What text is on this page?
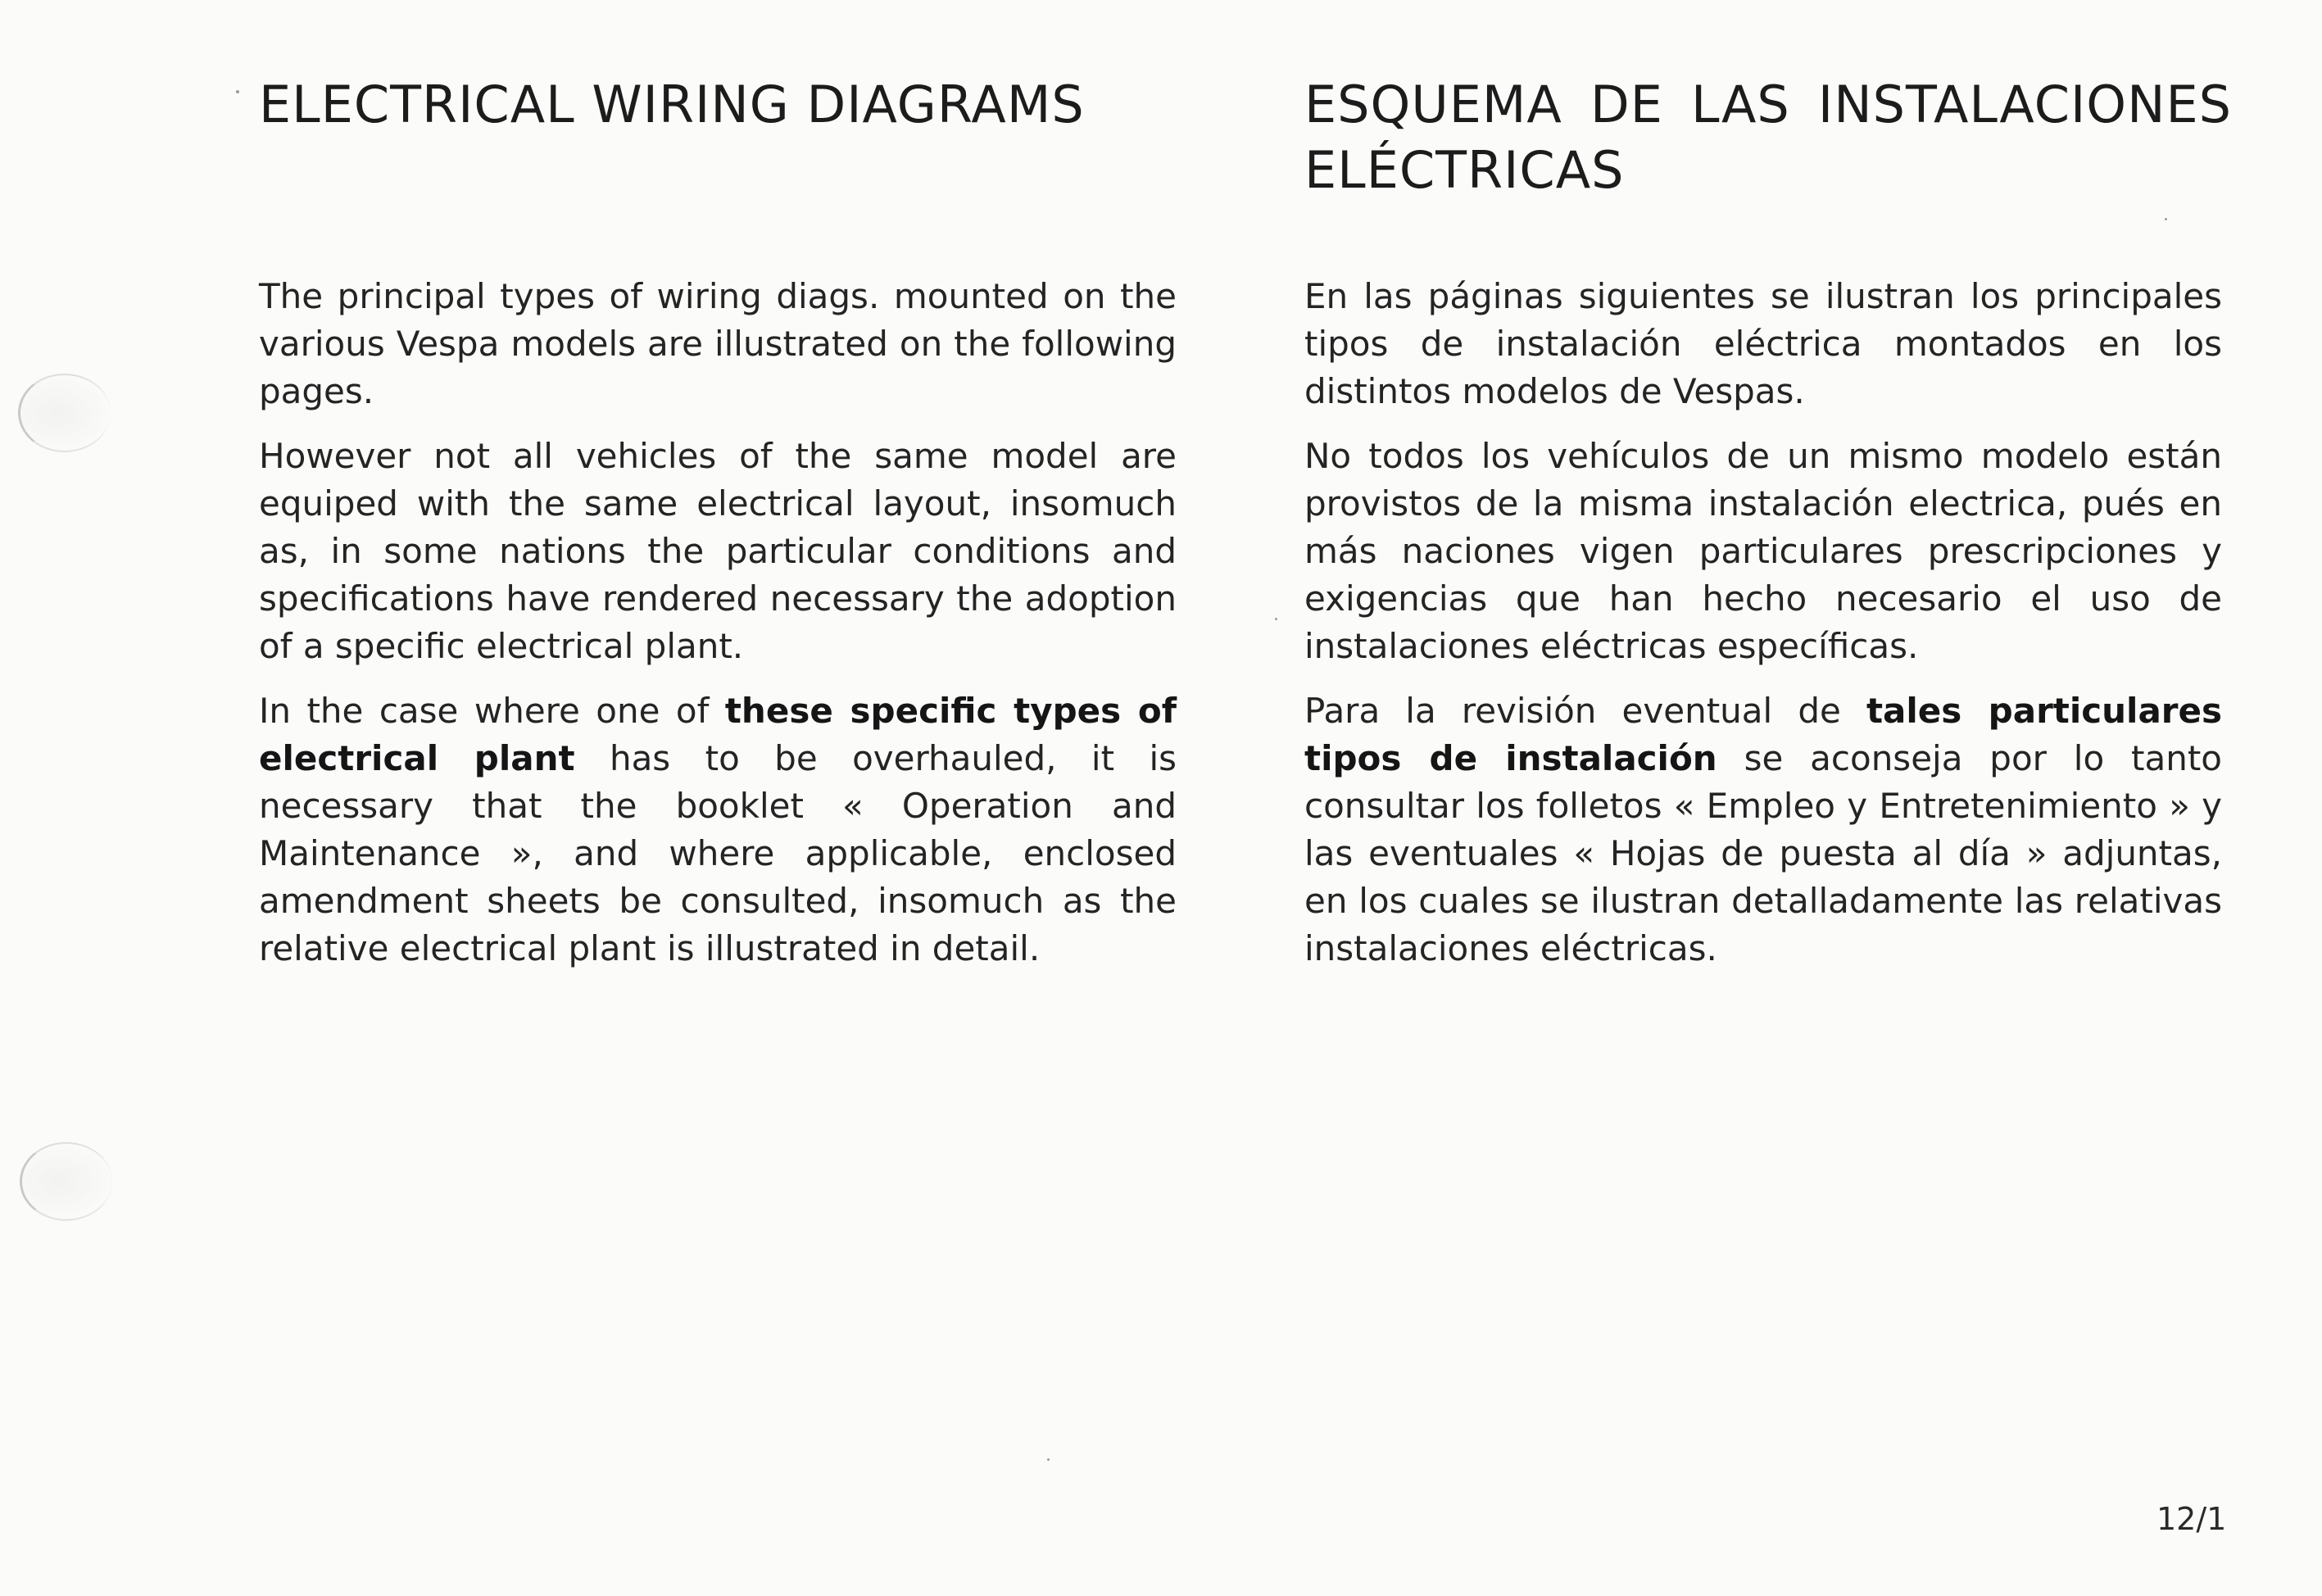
ELECTRICAL WIRING DIAGRAMS

The principal types of wiring diags. mounted on the various Vespa models are illustrated on the following pages.

However not all vehicles of the same model are equiped with the same electrical layout, insomuch as, in some nations the particular conditions and specifications have rendered necessary the adoption of a specific electrical plant.

In the case where one of these specific types of electrical plant has to be overhauled, it is necessary that the booklet « Operation and Maintenance », and where applicable, enclosed amendment sheets be consulted, insomuch as the relative electrical plant is illustrated in detail.

ESQUEMA DE LAS INSTALACIONES
ELÉCTRICAS

En las páginas siguientes se ilustran los principales tipos de instalación eléctrica montados en los distintos modelos de Vespas.

No todos los vehículos de un mismo modelo están provistos de la misma instalación electrica, pués en más naciones vigen particulares prescripciones y exigencias que han hecho necesario el uso de instalaciones eléctricas específicas.

Para la revisión eventual de tales particulares tipos de instalación se aconseja por lo tanto consultar los folletos « Empleo y Entretenimiento » y las eventuales « Hojas de puesta al día » adjuntas, en los cuales se ilustran detalladamente las relativas instalaciones eléctricas.

12/1
